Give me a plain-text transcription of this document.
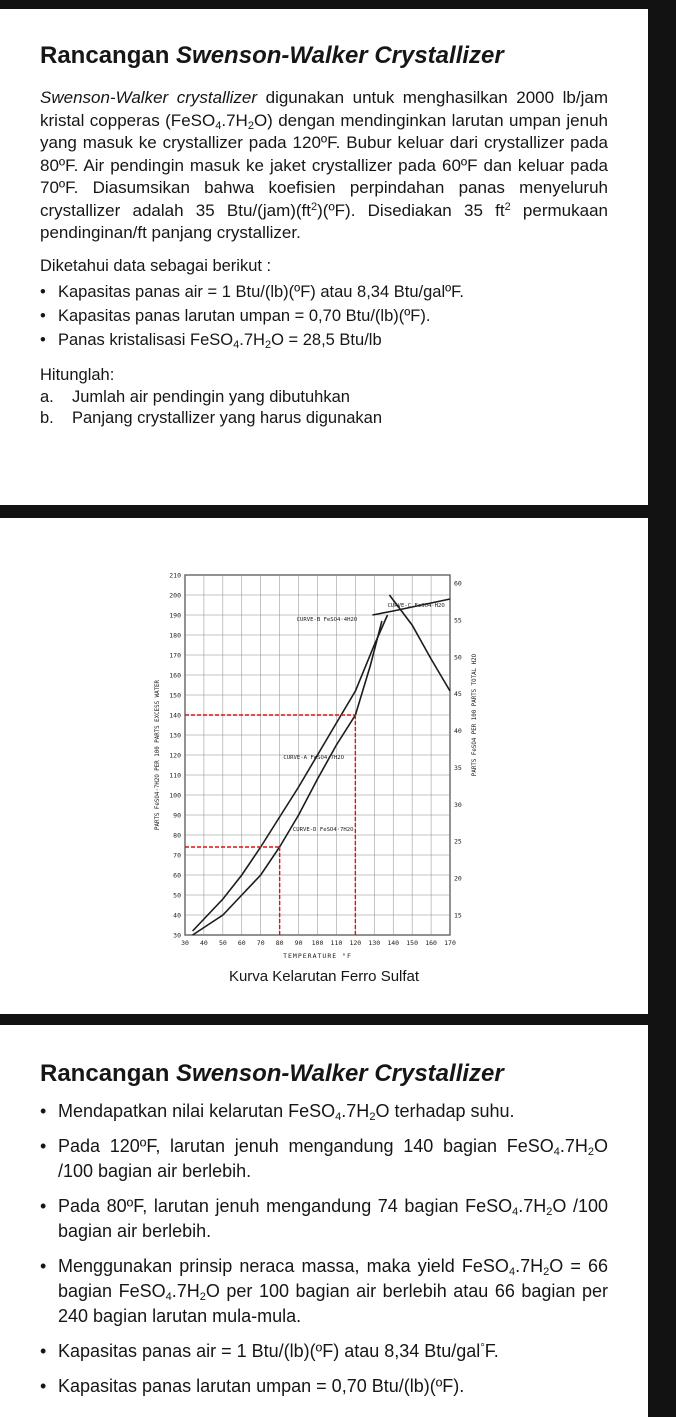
Rancangan Swenson-Walker Crystallizer
Swenson-Walker crystallizer digunakan untuk menghasilkan 2000 lb/jam kristal copperas $(FeSO_4.7H_2O)$ dengan mendinginkan larutan umpan jenuh yang masuk ke crystallizer pada 120ºF. Bubur keluar dari crystallizer pada 80ºF. Air pendingin masuk ke jaket crystallizer pada 60ºF dan keluar pada 70ºF. Diasumsikan bahwa koefisien perpindahan panas menyeluruh crystallizer adalah 35 Btu/$(jam)(ft^2)(ºF)$. Disediakan 35 $ft^2$ permukaan pendinginan/ft panjang crystallizer.
Diketahui data sebagai berikut :
• Kapasitas panas air = 1 Btu/(lb)(ºF) atau 8,34 Btu/galºF.
• Kapasitas panas larutan umpan = 0,70 Btu/(lb)(ºF).
• Panas kristalisasi $FeSO_4.7H_2O = 28,5$ Btu/lb
Hitunglah:
a.	Jumlah air pendingin yang dibutuhkan
b.	Panjang crystallizer yang harus digunakan
30
40
50
60
70
80
90
100
110
120
130
140
150
160
170
180
190
200
210
30 40 50 60 70 80 90 100 110 120 130 140 150 160 170
15
20
25
30
35
40
45
50
55
60
TEMPERATURE °F
PARTS FeSO4·7H2O PER 100 PARTS EXCESS WATER	PARTS FeSO4 PER 100 PARTS TOTAL H2O
CURVE-A FeSO4·7H2O
CURVE-D FeSO4·7H2O
CURVE-B FeSO4·4H2O
CURVE-C FeSO4·H2O
Kurva Kelarutan Ferro Sulfat
Rancangan Swenson-Walker Crystallizer
• Mendapatkan nilai kelarutan $FeSO_4.7H_2O$ terhadap suhu.
• Pada 120ºF, larutan jenuh mengandung 140 bagian $FeSO_4.7H_2O$ /100 bagian air berlebih.
• Pada 80ºF, larutan jenuh mengandung 74 bagian $FeSO_4.7H_2O$ /100 bagian air berlebih.
• Menggunakan prinsip neraca massa, maka yield $FeSO_4.7H_2O = 66$ bagian $FeSO_4.7H_2O$ per 100 bagian air berlebih atau 66 bagian per 240 bagian larutan mula-mula.
• Kapasitas panas air = 1 Btu/(lb)(ºF) atau 8,34 Btu/gal°F.
• Kapasitas panas larutan umpan = 0,70 Btu/(lb)(ºF).
